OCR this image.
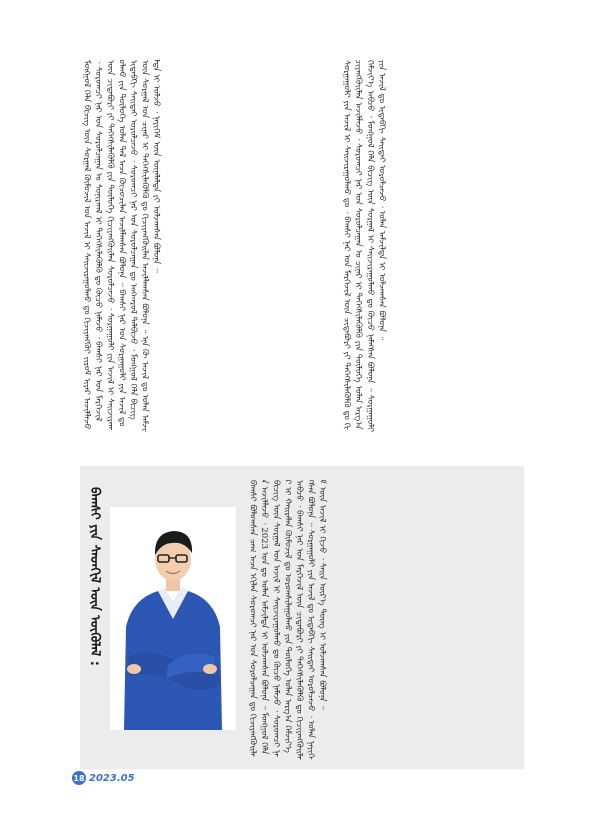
ᠮᠣᠩᠭᠣᠯ ᠬᠡᠯᠡ ᠪᠢᠴᠢᠭ ᠦᠨ ᠰᠤᠷᠭᠠᠯ ᠬᠦᠮᠦᠵᠢᠯ ᠤᠨ ᠠᠵᠢᠯ ᠢ ᠰᠠᠢᠵᠢᠷᠠᠭᠤᠯᠬᠤ ᠳᠤ ᠬᠢᠴᠢᠶᠡᠩᠭᠦᠢ ᠵᠢᠷᠤᠮ ᠢᠶᠠᠷ ᠠᠵᠢᠯᠯᠠᠵᠤ ᠂ ᠰᠤᠷᠤᠭᠴᠢ ᠨᠠᠷ ᠤᠨ ᠰᠤᠷᠤᠯᠴᠠᠭᠠᠨ ᠤ ᠰᠣᠨᠢᠷᠬᠠᠯ ᠢ ᠳᠡᠭᠡᠭᠰᠢᠯᠡᠭᠦᠯᠬᠦ ᠳᠤ ᠬᠦᠴᠦ ᠨᠡᠮᠡᠵᠦ ᠂ ᠪᠠᠭᠰᠢ ᠨᠠᠷ ᠤᠨ ᠮᠡᠷᠭᠡᠵᠢᠯ ᠦᠨ ᠴᠢᠳᠠᠪᠤᠷᠢ ᠶᠢ ᠳᠡᠭᠡᠭᠰᠢᠯᠡᠭᠦᠯᠬᠦ ᠶᠢᠨ ᠲᠥᠯᠥᠭᠡ ᠬᠢᠴᠢᠶᠡᠩᠭᠦᠢᠯᠡᠨ ᠰᠤᠷᠤᠯᠴᠠᠵᠤ ᠂ ᠰᠤᠷᠭᠠᠭᠤᠯᠢ ᠶᠢᠨ ᠠᠵᠢᠯ ᠢ ᠰᠠᠢᠵᠢᠷᠠᠭᠤᠯᠬᠤ ᠶᠢᠨ ᠲᠥᠯᠥᠭᠡ ᠣᠯᠠᠨ ᠲᠠᠯ ᠠᠴᠠ ᠬᠦᠴᠦᠴᠢᠯᠡᠨ ᠠᠵᠢᠯᠯᠠᠭᠰᠠᠨ ᠪᠣᠯᠤᠨᠠ ᠃ ᠪᠠᠭᠰᠢ ᠨᠠᠷ ᠤᠨ ᠰᠤᠷᠭᠠᠭᠤᠯᠢ ᠶᠢᠨ ᠠᠵᠢᠯ ᠳᠤ ᠢᠳᠡᠪᠬᠢ ᠰᠠᠢᠲᠠᠢ ᠣᠷᠤᠯᠴᠠᠵᠤ ᠂ ᠰᠤᠷᠤᠭᠴᠢ ᠨᠠᠷ ᠤᠨ ᠰᠤᠷᠤᠯᠴᠠᠭᠠᠨ ᠳᠤ ᠠᠩᠬᠠᠷᠤᠯ ᠲᠠᠯᠪᠢᠵᠤ ᠂ ᠮᠣᠩᠭᠣᠯ ᠬᠡᠯᠡ ᠪᠢᠴᠢᠭ ᠦᠨ ᠰᠤᠷᠭᠠᠯ ᠤᠨ ᠴᠢᠨᠠᠷ ᠢ ᠳᠡᠭᠡᠭᠰᠢᠯᠡᠭᠦᠯᠬᠦ ᠳᠤ ᠬᠢᠴᠢᠶᠡᠩᠭᠦᠢᠯᠡᠨ ᠠᠵᠢᠯᠯᠠᠭᠰᠠᠨ ᠪᠣᠯᠤᠨᠠ ᠃ ᠡᠨᠡ ᠬᠦ ᠠᠵᠢᠯ ᠳᠤ ᠣᠯᠠᠨ ᠠᠮᠵᠢᠯᠲᠠ ᠢ ᠣᠯᠵᠤ ᠂ ᠨᠡᠶᠢᠭᠡᠮ ᠦᠨ ᠦᠨᠡᠯᠡᠯᠲᠡ ᠶᠢ ᠣᠯᠵᠠᠭᠰᠠᠨ ᠪᠣᠯᠤᠨᠠ ᠃	ᠰᠤᠷᠭᠠᠭᠤᠯᠢ ᠶᠢᠨ ᠠᠵᠢᠯ ᠢ ᠰᠠᠢᠵᠢᠷᠠᠭᠤᠯᠬᠤ ᠳᠤ ᠂ ᠪᠠᠭᠰᠢ ᠨᠠᠷ ᠤᠨ ᠮᠡᠷᠭᠡᠵᠢᠯ ᠦᠨ ᠴᠢᠳᠠᠪᠤᠷᠢ ᠶᠢ ᠳᠡᠭᠡᠭᠰᠢᠯᠡᠭᠦᠯᠬᠦ ᠳᠤ ᠬᠢᠴᠢᠶᠡᠩᠭᠦᠢᠯᠡᠨ ᠠᠵᠢᠯᠯᠠᠵᠤ ᠂ ᠰᠤᠷᠤᠭᠴᠢ ᠨᠠᠷ ᠤᠨ ᠰᠤᠷᠤᠯᠴᠠᠭᠠᠨ ᠤ ᠴᠢᠨᠠᠷ ᠢ ᠳᠡᠭᠡᠭᠰᠢᠯᠡᠭᠦᠯᠬᠦ ᠶᠢᠨ ᠲᠥᠯᠥᠭᠡ ᠣᠯᠠᠨ ᠠᠷᠭ᠎ᠠ ᠬᠡᠮᠵᠢᠶ᠎ᠡ ᠠᠪᠴᠤ ᠂ ᠮᠣᠩᠭᠣᠯ ᠬᠡᠯᠡ ᠪᠢᠴᠢᠭ ᠦᠨ ᠰᠤᠷᠭᠠᠯ ᠢ ᠰᠠᠢᠵᠢᠷᠠᠭᠤᠯᠬᠤ ᠳᠤ ᠬᠦᠴᠦ ᠨᠡᠮᠡᠭᠰᠡᠨ ᠪᠣᠯᠤᠨᠠ ᠃ ᠰᠤᠷᠭᠠᠭᠤᠯᠢ ᠶᠢᠨ ᠠᠵᠢᠯ ᠳᠤ ᠢᠳᠡᠪᠬᠢ ᠰᠠᠢᠲᠠᠢ ᠣᠷᠤᠯᠴᠠᠵᠤ ᠂ ᠣᠯᠠᠨ ᠠᠮᠵᠢᠯᠲᠠ ᠢ ᠣᠯᠵᠠᠭᠰᠠᠨ ᠪᠣᠯᠤᠨᠠ ᠃
ᠪᠠᠭᠰᠢ ᠶᠢᠨ ᠰᠡᠳᠬᠢᠯ ᠦᠨ ᠥᠭᠦᠯᠡᠯ :	ᠪᠠᠭᠰᠢ ᠪᠣᠯᠤᠭᠰᠠᠨ ᠴᠠᠭ ᠠᠴᠠ ᠡᠬᠢᠯᠡᠨ ᠰᠤᠷᠤᠭᠴᠢ ᠨᠠᠷ ᠤᠨ ᠰᠤᠷᠤᠯᠴᠠᠭᠠᠨ ᠳᠤ ᠬᠢᠴᠢᠶᠡᠩᠭᠦᠢᠯᠡᠨ ᠠᠵᠢᠯᠯᠠᠵᠤ ᠂ 2023 ᠣᠨ ᠳᠤ ᠣᠯᠠᠨ ᠠᠮᠵᠢᠯᠲᠠ ᠢ ᠣᠯᠵᠠᠭᠰᠠᠨ ᠪᠣᠯᠤᠨᠠ ᠃ ᠮᠣᠩᠭᠣᠯ ᠬᠡᠯᠡ ᠪᠢᠴᠢᠭ ᠦᠨ ᠰᠤᠷᠭᠠᠯ ᠤᠨ ᠠᠵᠢᠯ ᠢ ᠰᠠᠢᠵᠢᠷᠠᠭᠤᠯᠬᠤ ᠳᠤ ᠬᠦᠴᠦ ᠨᠡᠮᠡᠵᠦ ᠂ ᠰᠤᠷᠤᠭᠴᠢ ᠨᠠᠷ ᠢ ᠬᠠᠢᠷᠠᠯᠠᠨ ᠬᠦᠮᠦᠵᠢᠯ ᠳᠤ ᠤᠷᠤᠭᠰᠢᠯᠠᠭᠤᠯᠬᠤ ᠶᠢᠨ ᠲᠥᠯᠥᠭᠡ ᠣᠯᠠᠨ ᠠᠷᠭ᠎ᠠ ᠬᠡᠮᠵᠢᠶ᠎ᠡ ᠠᠪᠴᠤ ᠂ ᠪᠠᠭᠰᠢ ᠨᠠᠷ ᠤᠨ ᠮᠡᠷᠭᠡᠵᠢᠯ ᠦᠨ ᠴᠢᠳᠠᠪᠤᠷᠢ ᠶᠢ ᠳᠡᠭᠡᠭᠰᠢᠯᠡᠭᠦᠯᠬᠦ ᠳᠤ ᠬᠢᠴᠢᠶᠡᠩᠭᠦᠢᠯᠡᠭᠰᠡᠨ ᠪᠣᠯᠤᠨᠠ ᠃ ᠰᠤᠷᠭᠠᠭᠤᠯᠢ ᠶᠢᠨ ᠠᠵᠢᠯ ᠳᠤ ᠢᠳᠡᠪᠬᠢ ᠰᠠᠢᠲᠠᠢ ᠣᠷᠤᠯᠴᠠᠵᠤ ᠂ ᠣᠯᠠᠨ ᠨᠡᠶᠢᠭᠡᠮ ᠦᠨ ᠠᠵᠢᠯ ᠢ ᠬᠢᠵᠦ ᠂ ᠰᠠᠢᠨ ᠦᠷ᠎ᠡ ᠳᠦᠩ ᠢ ᠣᠯᠵᠠᠭᠰᠠᠨ ᠪᠣᠯᠤᠨᠠ ᠃
18 2023.05
